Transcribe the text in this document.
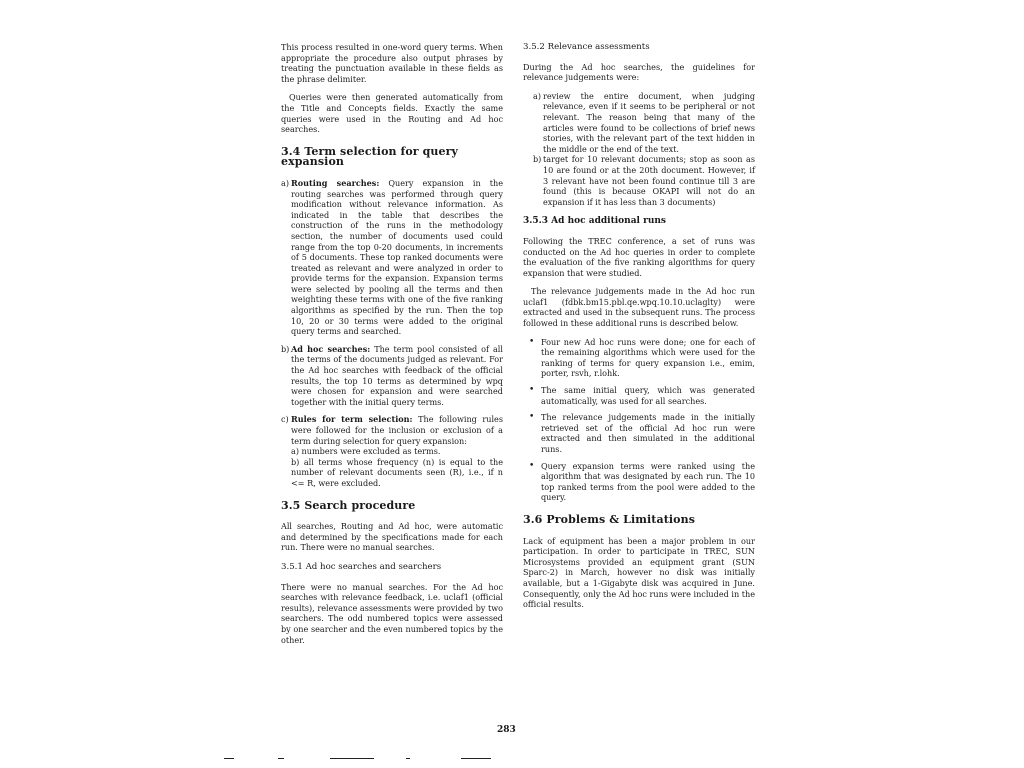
This process resulted in one-word query terms. When appropriate the procedure also output phrases by treating the punctuation available in these fields as the phrase delimiter.

Queries were then generated automatically from the Title and Concepts fields. Exactly the same queries were used in the Routing and Ad hoc searches.

3.4 Term selection for query expansion
a) Routing searches: Query expansion in the routing searches was performed through query modification without relevance information. As indicated in the table that describes the construction of the runs in the methodology section, the number of documents used could range from the top 0-20 documents, in increments of 5 documents. These top ranked documents were treated as relevant and were analyzed in order to provide terms for the expansion. Expansion terms were selected by pooling all the terms and then weighting these terms with one of the five ranking algorithms as specified by the run. Then the top 10, 20 or 30 terms were added to the original query terms and searched.
b) Ad hoc searches: The term pool consisted of all the terms of the documents judged as relevant. For the Ad hoc searches with feedback of the official results, the top 10 terms as determined by wpq were chosen for expansion and were searched together with the initial query terms.
c) Rules for term selection: The following rules were followed for the inclusion or exclusion of a term during selection for query expansion:
a) numbers were excluded as terms.
b) all terms whose frequency (n) is equal to the number of relevant documents seen (R), i.e., if n <= R, were excluded.
3.5 Search procedure

All searches, Routing and Ad hoc, were automatic and determined by the specifications made for each run. There were no manual searches.

3.5.1 Ad hoc searches and searchers

There were no manual searches. For the Ad hoc searches with relevance feedback, i.e. uclaf1 (official results), relevance assessments were provided by two searchers. The odd numbered topics were assessed by one searcher and the even numbered topics by the other.

3.5.2 Relevance assessments

During the Ad hoc searches, the guidelines for relevance judgements were:

a) review the entire document, when judging relevance, even if it seems to be peripheral or not relevant. The reason being that many of the articles were found to be collections of brief news stories, with the relevant part of the text hidden in the middle or the end of the text.
b) target for 10 relevant documents; stop as soon as 10 are found or at the 20th document. However, if 3 relevant have not been found continue till 3 are found (this is because OKAPI will not do an expansion if it has less than 3 documents)
3.5.3 Ad hoc additional runs

Following the TREC conference, a set of runs was conducted on the Ad hoc queries in order to complete the evaluation of the five ranking algorithms for query expansion that were studied.

The relevance judgements made in the Ad hoc run uclaf1 (fdbk.bm15.pbl.qe.wpq.10.10.uclaglty) were extracted and used in the subsequent runs. The process followed in these additional runs is described below.

• Four new Ad hoc runs were done; one for each of the remaining algorithms which were used for the ranking of terms for query expansion i.e., emim, porter, rsvh, r.lohk.
• The same initial query, which was generated automatically, was used for all searches.
• The relevance judgements made in the initially retrieved set of the official Ad hoc run were extracted and then simulated in the additional runs.
• Query expansion terms were ranked using the algorithm that was designated by each run. The 10 top ranked terms from the pool were added to the query.
3.6 Problems & Limitations

Lack of equipment has been a major problem in our participation. In order to participate in TREC, SUN Microsystems provided an equipment grant (SUN Sparc-2) in March, however no disk was initially available, but a 1-Gigabyte disk was acquired in June. Consequently, only the Ad hoc runs were included in the official results.

283
